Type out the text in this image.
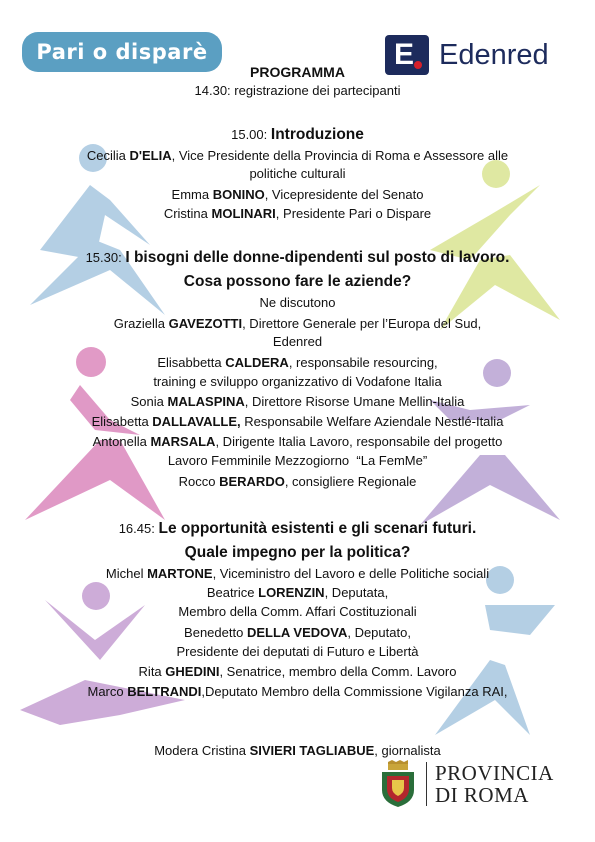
Pari o disparè	E Edenred
PROGRAMMA
14.30: registrazione dei partecipanti
15.00: Introduzione
Cecilia D'ELIA, Vice Presidente della Provincia di Roma e Assessore alle
politiche culturali
Emma BONINO, Vicepresidente del Senato
Cristina MOLINARI, Presidente Pari o Dispare
15.30: I bisogni delle donne-dipendenti sul posto di lavoro.
Cosa possono fare le aziende?
Ne discutono
Graziella GAVEZOTTI, Direttore Generale per l’Europa del Sud,
Edenred
Elisabbetta CALDERA, responsabile resourcing,
training e sviluppo organizzativo di Vodafone Italia
Sonia MALASPINA, Direttore Risorse Umane Mellin-Italia
Elisabetta DALLAVALLE, Responsabile Welfare Aziendale Nestlé-Italia
Antonella MARSALA, Dirigente Italia Lavoro, responsabile del progetto
Lavoro Femminile Mezzogiorno  “La FemMe”
Rocco BERARDO, consigliere Regionale
16.45: Le opportunità esistenti e gli scenari futuri.
Quale impegno per la politica?
Michel MARTONE, Viceministro del Lavoro e delle Politiche sociali
Beatrice LORENZIN, Deputata,
Membro della Comm. Affari Costituzionali
Benedetto DELLA VEDOVA, Deputato,
Presidente dei deputati di Futuro e Libertà
Rita GHEDINI, Senatrice, membro della Comm. Lavoro
Marco BELTRANDI,Deputato Membro della Commissione Vigilanza RAI,
Modera Cristina SIVIERI TAGLIABUE, giornalista
PROVINCIA
DI ROMA
